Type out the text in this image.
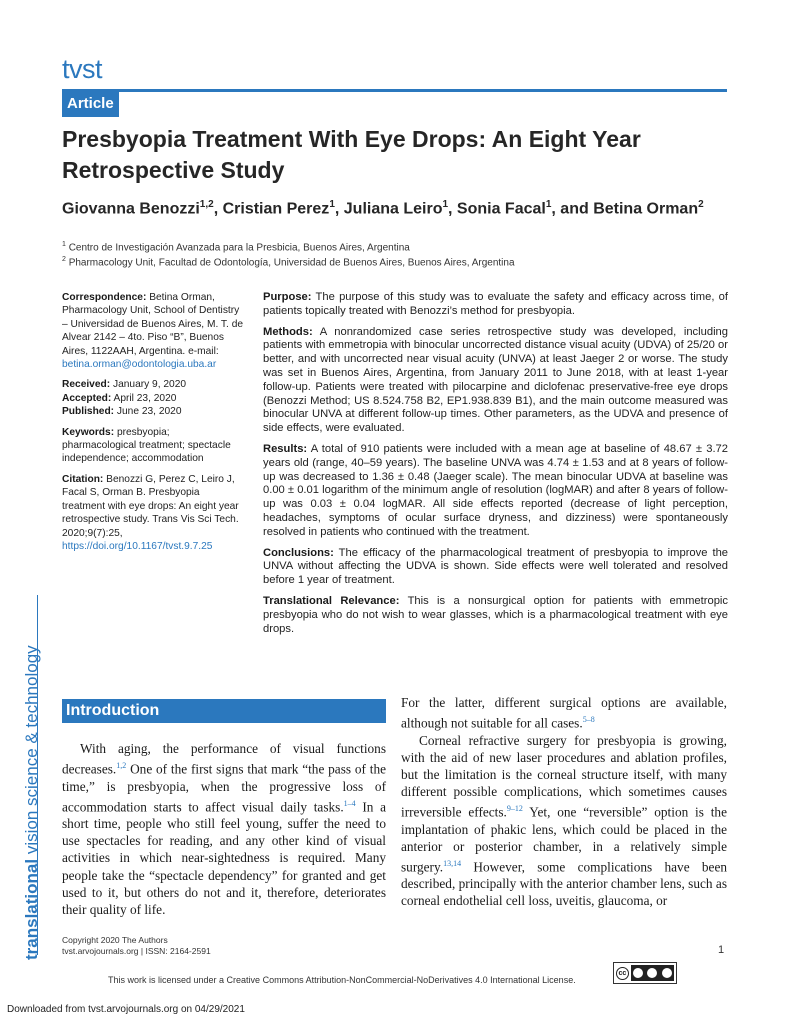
tvst
Article
Presbyopia Treatment With Eye Drops: An Eight Year Retrospective Study
Giovanna Benozzi$^{1,2}$, Cristian Perez$^1$, Juliana Leiro$^1$, Sonia Facal$^1$, and Betina Orman$^2$
$^1$ Centro de Investigación Avanzada para la Presbicia, Buenos Aires, Argentina
$^2$ Pharmacology Unit, Facultad de Odontología, Universidad de Buenos Aires, Buenos Aires, Argentina
Correspondence: Betina Orman, Pharmacology Unit, School of Dentistry – Universidad de Buenos Aires, M. T. de Alvear 2142 – 4to. Piso “B”, Buenos Aires, 1122AAH, Argentina. e-mail: betina.orman@odontologia.uba.ar
Received: January 9, 2020
Accepted: April 23, 2020
Published: June 23, 2020
Keywords: presbyopia; pharmacological treatment; spectacle independence; accommodation
Citation: Benozzi G, Perez C, Leiro J, Facal S, Orman B. Presbyopia treatment with eye drops: An eight year retrospective study. Trans Vis Sci Tech. 2020;9(7):25, https://doi.org/10.1167/tvst.9.7.25

Purpose: The purpose of this study was to evaluate the safety and efficacy across time, of patients topically treated with Benozzi’s method for presbyopia.

Methods: A nonrandomized case series retrospective study was developed, including patients with emmetropia with binocular uncorrected distance visual acuity (UDVA) of 25/20 or better, and with uncorrected near visual acuity (UNVA) at least Jaeger 2 or worse. The study was set in Buenos Aires, Argentina, from January 2011 to June 2018, with at least 1-year follow-up. Patients were treated with pilocarpine and diclofenac preservative-free eye drops (Benozzi Method; US 8.524.758 B2, EP1.938.839 B1), and the main outcome measured was binocular UNVA at different follow-up times. Other parameters, as the UDVA and presence of side effects, were evaluated.

Results: A total of 910 patients were included with a mean age at baseline of 48.67 ± 3.72 years old (range, 40–59 years). The baseline UNVA was 4.74 ± 1.53 and at 8 years of follow-up was decreased to 1.36 ± 0.48 (Jaeger scale). The mean binocular UDVA at baseline was 0.00 ± 0.01 logarithm of the minimum angle of resolution (logMAR) and after 8 years of follow-up was 0.03 ± 0.04 logMAR. All side effects reported (decrease of light perception, headaches, symptoms of ocular surface dryness, and dizziness) were spontaneously resolved in patients who continued with the treatment.

Conclusions: The efficacy of the pharmacological treatment of presbyopia to improve the UNVA without affecting the UDVA is shown. Side effects were well tolerated and resolved before 1 year of treatment.

Translational Relevance: This is a nonsurgical option for patients with emmetropic presbyopia who do not wish to wear glasses, which is a pharmacological treatment with eye drops.

translational vision science & technology Introduction
With aging, the performance of visual functions decreases.$^{1,2}$ One of the first signs that mark “the pass of the time,” is presbyopia, when the progressive loss of accommodation starts to affect visual daily tasks.$^{1-4}$ In a short time, people who still feel young, suffer the need to use spectacles for reading, and any other kind of visual activities in which near-sightedness is required. Many people take the “spectacle dependency” for granted and get used to it, but others do not and it, therefore, deteriorates their quality of life.

For the latter, different surgical options are available, although not suitable for all cases.$^{5-8}$

Corneal refractive surgery for presbyopia is growing, with the aid of new laser procedures and ablation profiles, but the limitation is the corneal structure itself, with many different possible complications, which sometimes causes irreversible effects.$^{9-12}$ Yet, one “reversible” option is the implantation of phakic lens, which could be placed in the anterior or posterior chamber, in a relatively simple surgery.$^{13,14}$ However, some complications have been described, principally with the anterior chamber lens, such as corneal endothelial cell loss, uveitis, glaucoma, or

Copyright 2020 The Authors
tvst.arvojournals.org | ISSN: 2164-2591	1
This work is licensed under a Creative Commons Attribution-NonCommercial-NoDerivatives 4.0 International License.
cc
Downloaded from tvst.arvojournals.org on 04/29/2021
